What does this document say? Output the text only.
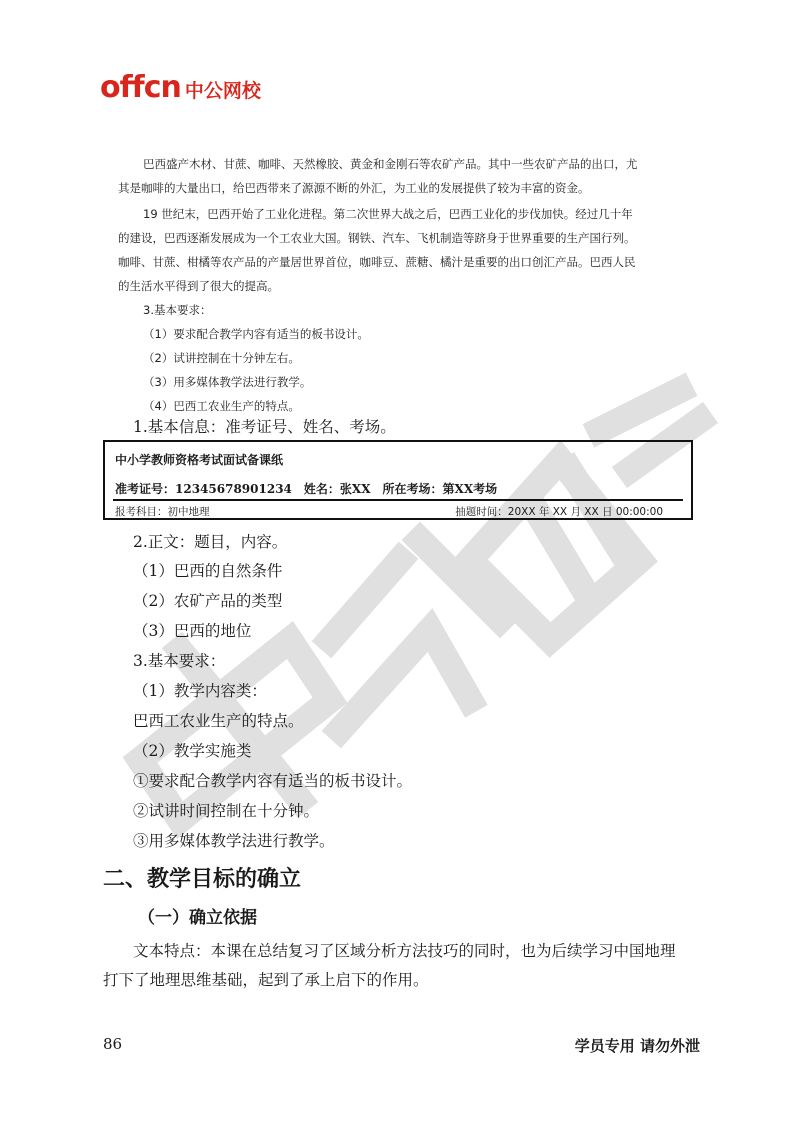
offcn 中公网校
巴西盛产木材、甘蔗、咖啡、天然橡胶、黄金和金刚石等农矿产品。其中一些农矿产品的出口，尤
其是咖啡的大量出口，给巴西带来了源源不断的外汇，为工业的发展提供了较为丰富的资金。
19 世纪末，巴西开始了工业化进程。第二次世界大战之后，巴西工业化的步伐加快。经过几十年
的建设，巴西逐渐发展成为一个工农业大国。钢铁、汽车、飞机制造等跻身于世界重要的生产国行列。
咖啡、甘蔗、柑橘等农产品的产量居世界首位，咖啡豆、蔗糖、橘汁是重要的出口创汇产品。巴西人民
的生活水平得到了很大的提高。
3.基本要求：
（1）要求配合教学内容有适当的板书设计。
（2）试讲控制在十分钟左右。
（3）用多媒体教学法进行教学。
（4）巴西工农业生产的特点。
1.基本信息：准考证号、姓名、考场。
中小学教师资格考试面试备课纸
准考证号：12345678901234　姓名：张XX　所在考场：第XX考场
报考科目：初中地理	抽题时间：20XX 年 XX 月 XX 日 00:00:00
2.正文：题目，内容。
（1）巴西的自然条件
（2）农矿产品的类型
（3）巴西的地位
3.基本要求：
（1）教学内容类：
巴西工农业生产的特点。
（2）教学实施类
①要求配合教学内容有适当的板书设计。
②试讲时间控制在十分钟。
③用多媒体教学法进行教学。
二、教学目标的确立
（一）确立依据
文本特点：本课在总结复习了区域分析方法技巧的同时，也为后续学习中国地理
打下了地理思维基础，起到了承上启下的作用。
86	学员专用 请勿外泄
